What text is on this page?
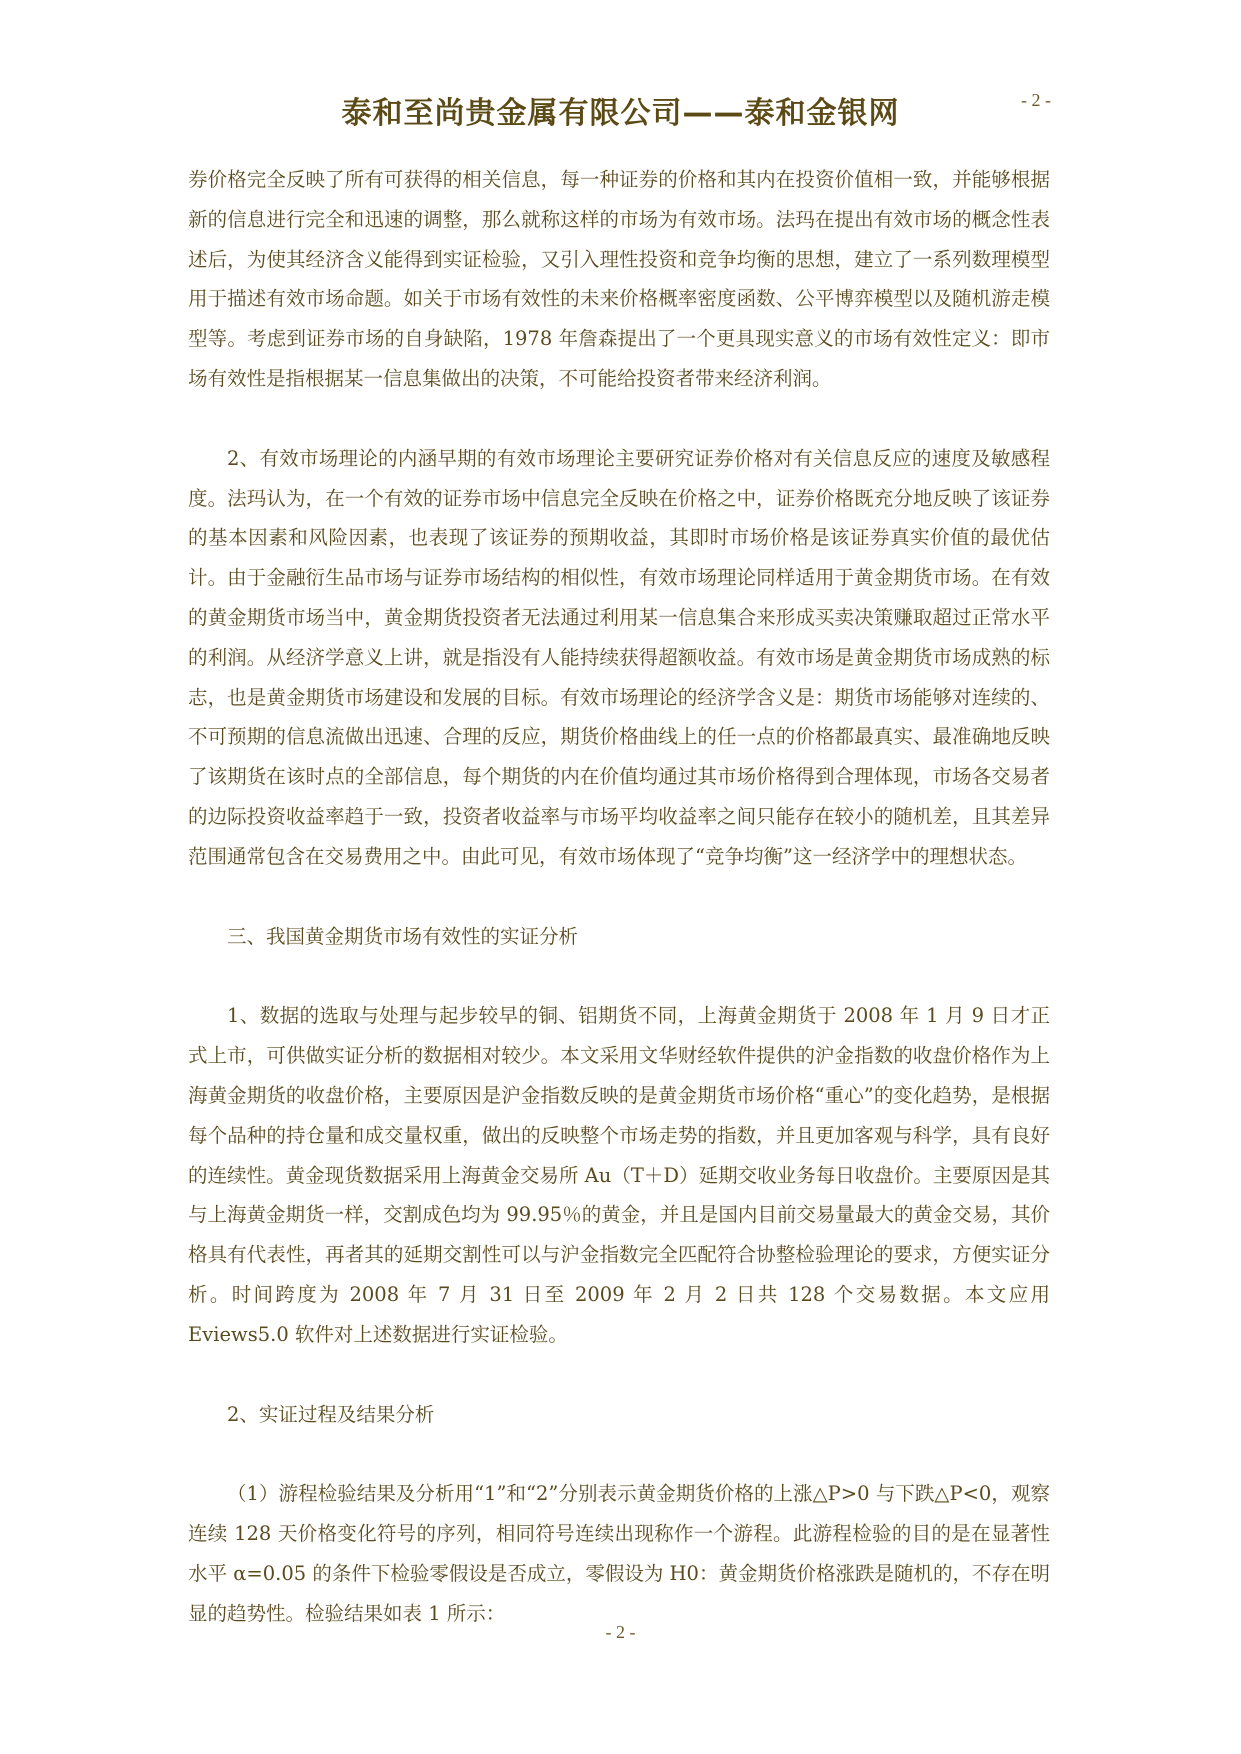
泰和至尚贵金属有限公司——泰和金银网	- 2 -

券价格完全反映了所有可获得的相关信息，每一种证券的价格和其内在投资价值相一致，并能够根据新的信息进行完全和迅速的调整，那么就称这样的市场为有效市场。法玛在提出有效市场的概念性表述后，为使其经济含义能得到实证检验，又引入理性投资和竞争均衡的思想，建立了一系列数理模型用于描述有效市场命题。如关于市场有效性的未来价格概率密度函数、公平博弈模型以及随机游走模型等。考虑到证券市场的自身缺陷，1978 年詹森提出了一个更具现实意义的市场有效性定义：即市场有效性是指根据某一信息集做出的决策，不可能给投资者带来经济利润。

2、有效市场理论的内涵早期的有效市场理论主要研究证券价格对有关信息反应的速度及敏感程度。法玛认为，在一个有效的证券市场中信息完全反映在价格之中，证券价格既充分地反映了该证券的基本因素和风险因素，也表现了该证券的预期收益，其即时市场价格是该证券真实价值的最优估计。由于金融衍生品市场与证券市场结构的相似性，有效市场理论同样适用于黄金期货市场。在有效的黄金期货市场当中，黄金期货投资者无法通过利用某一信息集合来形成买卖决策赚取超过正常水平的利润。从经济学意义上讲，就是指没有人能持续获得超额收益。有效市场是黄金期货市场成熟的标志，也是黄金期货市场建设和发展的目标。有效市场理论的经济学含义是：期货市场能够对连续的、不可预期的信息流做出迅速、合理的反应，期货价格曲线上的任一点的价格都最真实、最准确地反映了该期货在该时点的全部信息，每个期货的内在价值均通过其市场价格得到合理体现，市场各交易者的边际投资收益率趋于一致，投资者收益率与市场平均收益率之间只能存在较小的随机差，且其差异范围通常包含在交易费用之中。由此可见，有效市场体现了“竞争均衡”这一经济学中的理想状态。

三、我国黄金期货市场有效性的实证分析

1、数据的选取与处理与起步较早的铜、铝期货不同，上海黄金期货于 2008 年 1 月 9 日才正式上市，可供做实证分析的数据相对较少。本文采用文华财经软件提供的沪金指数的收盘价格作为上海黄金期货的收盘价格，主要原因是沪金指数反映的是黄金期货市场价格“重心”的变化趋势，是根据每个品种的持仓量和成交量权重，做出的反映整个市场走势的指数，并且更加客观与科学，具有良好的连续性。黄金现货数据采用上海黄金交易所 Au（T＋D）延期交收业务每日收盘价。主要原因是其与上海黄金期货一样，交割成色均为 99.95％的黄金，并且是国内目前交易量最大的黄金交易，其价格具有代表性，再者其的延期交割性可以与沪金指数完全匹配符合协整检验理论的要求，方便实证分析。时间跨度为 2008 年 7 月 31 日至 2009 年 2 月 2 日共 128 个交易数据。本文应用 Eviews5.0 软件对上述数据进行实证检验。

2、实证过程及结果分析

（1）游程检验结果及分析用“1”和“2”分别表示黄金期货价格的上涨△P>0 与下跌△P<0，观察连续 128 天价格变化符号的序列，相同符号连续出现称作一个游程。此游程检验的目的是在显著性水平 α=0.05 的条件下检验零假设是否成立，零假设为 H0：黄金期货价格涨跌是随机的，不存在明显的趋势性。检验结果如表 1 所示：

- 2 -
